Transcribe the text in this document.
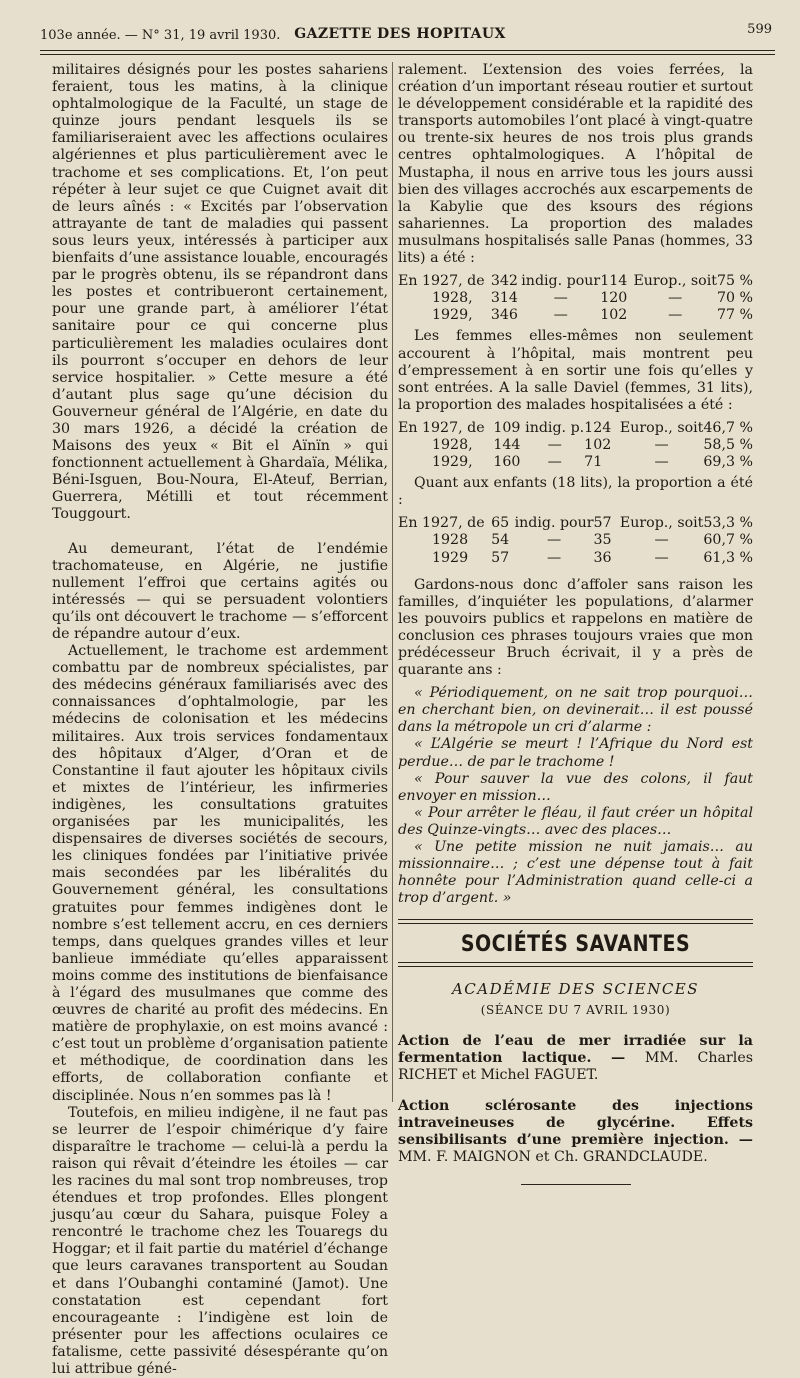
103e année. — N° 31, 19 avril 1930. GAZETTE DES HOPITAUX	599

militaires désignés pour les postes sahariens feraient, tous les matins, à la clinique ophtalmologique de la Faculté, un stage de quinze jours pendant lesquels ils se familiariseraient avec les affections oculaires algériennes et plus particulièrement avec le trachome et ses complications. Et, l’on peut répéter à leur sujet ce que Cuignet avait dit de leurs aînés : « Excités par l’observation attrayante de tant de maladies qui passent sous leurs yeux, intéressés à participer aux bienfaits d’une assistance louable, encouragés par le progrès obtenu, ils se répandront dans les postes et contribueront certainement, pour une grande part, à améliorer l’état sanitaire pour ce qui concerne plus particulièrement les maladies oculaires dont ils pourront s’occuper en dehors de leur service hospitalier. » Cette mesure a été d’autant plus sage qu’une décision du Gouverneur général de l’Algérie, en date du 30 mars 1926, a décidé la création de Maisons des yeux « Bit el Aïnïn » qui fonctionnent actuellement à Ghardaïa, Mélika, Béni-Isguen, Bou-Noura, El-Ateuf, Berrian, Guerrera, Métilli et tout récemment Touggourt.

Au demeurant, l’état de l’endémie trachomateuse, en Algérie, ne justifie nullement l’effroi que certains agités ou intéressés — qui se persuadent volontiers qu’ils ont découvert le trachome — s’efforcent de répandre autour d’eux.

Actuellement, le trachome est ardemment combattu par de nombreux spécialistes, par des médecins généraux familiarisés avec des connaissances d’ophtalmologie, par les médecins de colonisation et les médecins militaires. Aux trois services fondamentaux des hôpitaux d’Alger, d’Oran et de Constantine il faut ajouter les hôpitaux civils et mixtes de l’intérieur, les infirmeries indigènes, les consultations gratuites organisées par les municipalités, les dispensaires de diverses sociétés de secours, les cliniques fondées par l’initiative privée mais secondées par les libéralités du Gouvernement général, les consultations gratuites pour femmes indigènes dont le nombre s’est tellement accru, en ces derniers temps, dans quelques grandes villes et leur banlieue immédiate qu’elles apparaissent moins comme des institutions de bienfaisance à l’égard des musulmanes que comme des œuvres de charité au profit des médecins. En matière de prophylaxie, on est moins avancé : c’est tout un problème d’organisation patiente et méthodique, de coordination dans les efforts, de collaboration confiante et disciplinée. Nous n’en sommes pas là !

Toutefois, en milieu indigène, il ne faut pas se leurrer de l’espoir chimérique d’y faire disparaître le trachome — celui-là a perdu la raison qui rêvait d’éteindre les étoiles — car les racines du mal sont trop nombreuses, trop étendues et trop profondes. Elles plongent jusqu’au cœur du Sahara, puisque Foley a rencontré le trachome chez les Touaregs du Hoggar; et il fait partie du matériel d’échange que leurs caravanes transportent au Soudan et dans l’Oubanghi contaminé (Jamot). Une constatation est cependant fort encourageante : l’indigène est loin de présenter pour les affections oculaires ce fatalisme, cette passivité désespérante qu’on lui attribue géné-

ralement. L’extension des voies ferrées, la création d’un important réseau routier et surtout le développement considérable et la rapidité des transports automobiles l’ont placé à vingt-quatre ou trente-six heures de nos trois plus grands centres ophtalmologiques. A l’hôpital de Mustapha, il nous en arrive tous les jours aussi bien des villages accrochés aux escarpements de la Kabylie que des ksours des régions sahariennes. La proportion des malades musulmans hospitalisés salle Panas (hommes, 33 lits) a été :

En 1927, de	342	indig. pour	114	Europ., soit	75 %
1928,	314	—	120	—	70 %
1929,	346	—	102	—	77 %

Les femmes elles-mêmes non seulement accourent à l’hôpital, mais montrent peu d’empressement à en sortir une fois qu’elles y sont entrées. A la salle Daviel (femmes, 31 lits), la proportion des malades hospitalisées a été :

En 1927, de	109	indig. p.	124	Europ., soit	46,7 %
1928,	144	—	102	—	58,5 %
1929,	160	—	71	—	69,3 %

Quant aux enfants (18 lits), la proportion a été :

En 1927, de	65	indig. pour	57	Europ., soit	53,3 %
1928	54	—	35	—	60,7 %
1929	57	—	36	—	61,3 %

Gardons-nous donc d’affoler sans raison les familles, d’inquiéter les populations, d’alarmer les pouvoirs publics et rappelons en matière de conclusion ces phrases toujours vraies que mon prédécesseur Bruch écrivait, il y a près de quarante ans :

« Périodiquement, on ne sait trop pourquoi… en cherchant bien, on devinerait… il est poussé dans la métropole un cri d’alarme :

« L’Algérie se meurt ! l’Afrique du Nord est perdue… de par le trachome !

« Pour sauver la vue des colons, il faut envoyer en mission…

« Pour arrêter le fléau, il faut créer un hôpital des Quinze-vingts… avec des places…

« Une petite mission ne nuit jamais… au missionnaire… ; c’est une dépense tout à fait honnête pour l’Administration quand celle-ci a trop d’argent. »

SOCIÉTÉS SAVANTES
ACADÉMIE DES SCIENCES
(SÉANCE DU 7 AVRIL 1930)

Action de l’eau de mer irradiée sur la fermentation lactique. — MM. Charles RICHET et Michel FAGUET.

Action sclérosante des injections intraveineuses de glycérine. Effets sensibilisants d’une première injection. — MM. F. MAIGNON et Ch. GRANDCLAUDE.
